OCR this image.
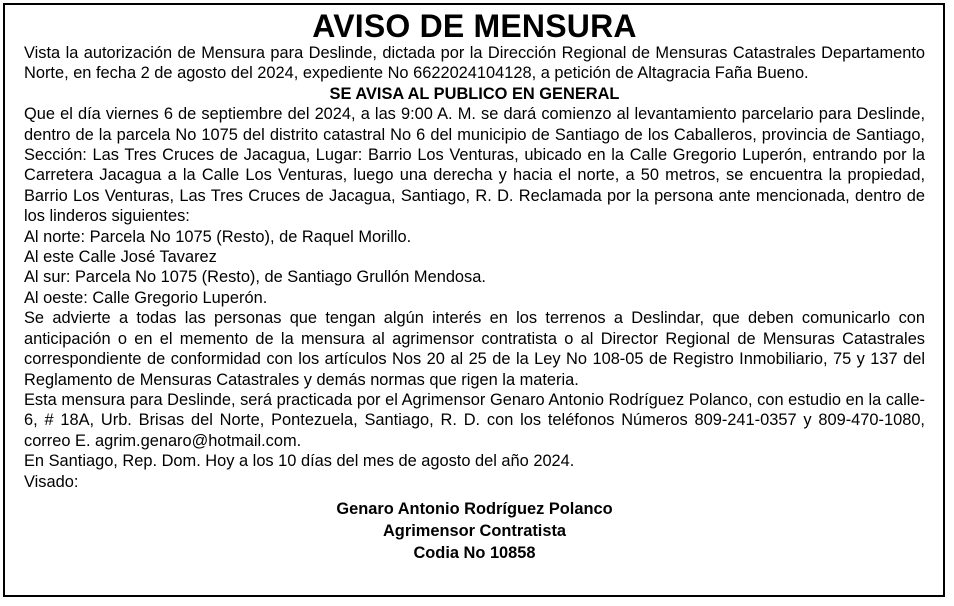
AVISO DE MENSURA

Vista la autorización de Mensura para Deslinde, dictada por la Dirección Regional de Mensuras Catastrales Departamento Norte, en fecha 2 de agosto del 2024, expediente No 6622024104128, a petición de Altagracia Faña Bueno.

SE AVISA AL PUBLICO EN GENERAL

Que el día viernes 6 de septiembre del 2024, a las 9:00 A. M. se dará comienzo al levantamiento parcelario para Deslinde, dentro de la parcela No 1075 del distrito catastral No 6 del municipio de Santiago de los Caballeros, provincia de Santiago, Sección: Las Tres Cruces de Jacagua, Lugar: Barrio Los Venturas, ubicado en la Calle Gregorio Luperón, entrando por la Carretera Jacagua a la Calle Los Venturas, luego una derecha y hacia el norte, a 50 metros, se encuentra la propiedad, Barrio Los Venturas, Las Tres Cruces de Jacagua, Santiago, R. D. Reclamada por la persona ante mencionada, dentro de los linderos siguientes:

Al norte: Parcela No 1075 (Resto), de Raquel Morillo.

Al este Calle José Tavarez

Al sur: Parcela No 1075 (Resto), de Santiago Grullón Mendosa.

Al oeste: Calle Gregorio Luperón.

Se advierte a todas las personas que tengan algún interés en los terrenos a Deslindar, que deben comunicarlo con anticipación o en el memento de la mensura al agrimensor contratista o al Director Regional de Mensuras Catastrales correspondiente de conformidad con los artículos Nos 20 al 25 de la Ley No 108-05 de Registro Inmobiliario, 75 y 137 del Reglamento de Mensuras Catastrales y demás normas que rigen la materia.

Esta mensura para Deslinde, será practicada por el Agrimensor Genaro Antonio Rodríguez Polanco, con estudio en la calle-6, # 18A, Urb. Brisas del Norte, Pontezuela, Santiago, R. D. con los teléfonos Números 809-241-0357 y 809-470-1080, correo E. agrim.genaro@hotmail.com.

En Santiago, Rep. Dom. Hoy a los 10 días del mes de agosto del año 2024.

Visado:

Genaro Antonio Rodríguez Polanco

Agrimensor Contratista

Codia No 10858
